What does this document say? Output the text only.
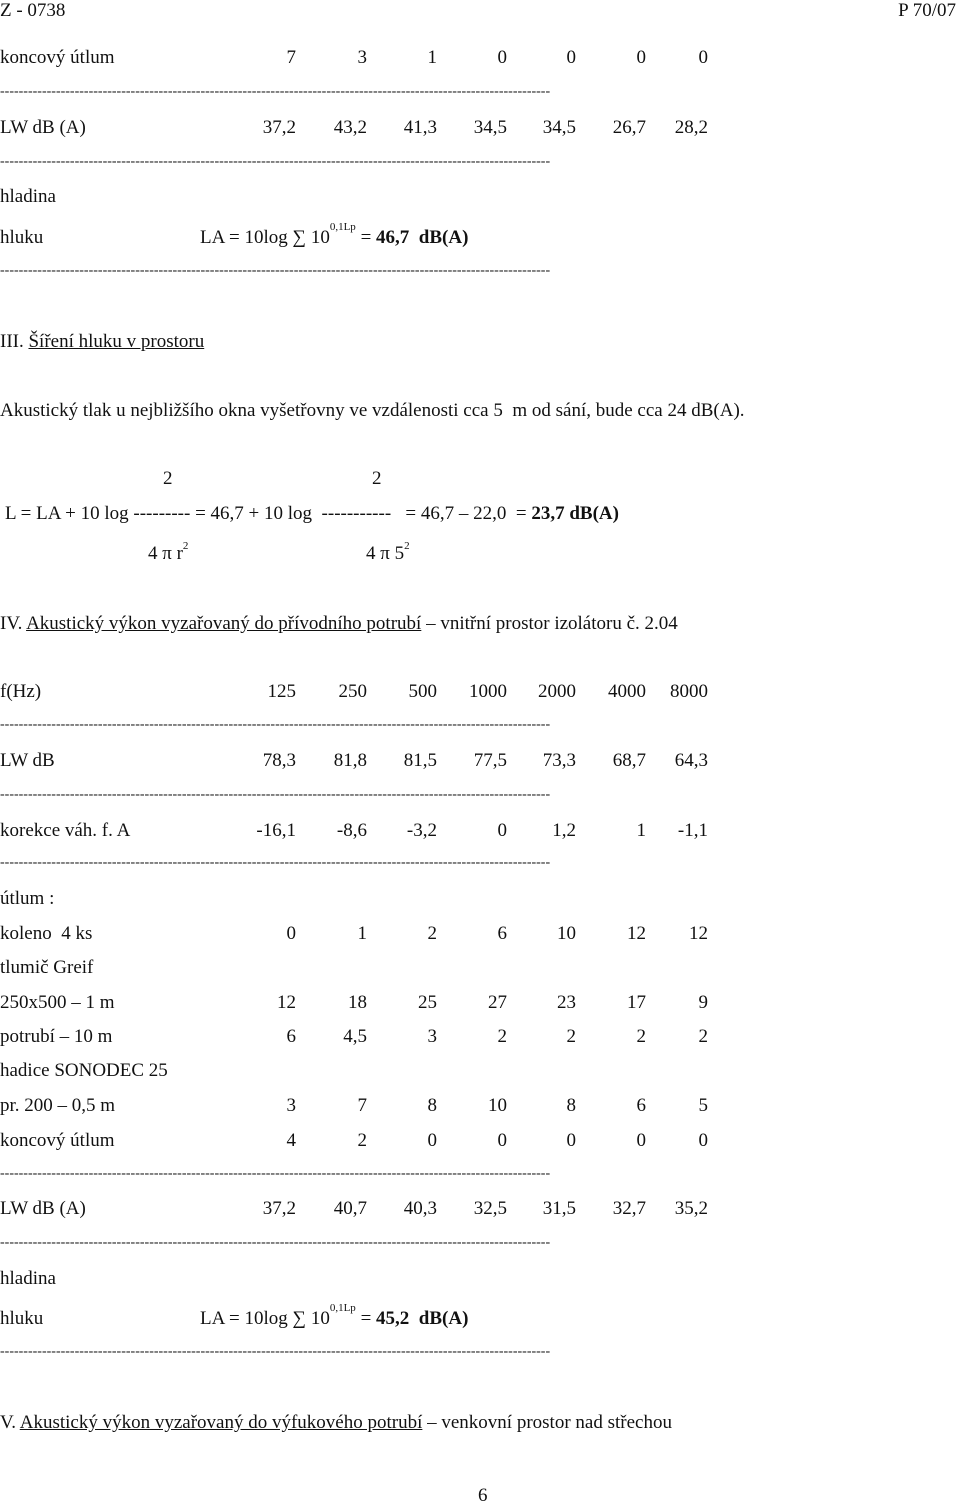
Z - 0738	P 70/07
koncový útlum	7	3	1	0	0	0	0
----------------------------------------------------------------------------------------------------------------------
LW dB (A)	37,2 43,2 41,3 34,5 34,5 26,7 28,2
----------------------------------------------------------------------------------------------------------------------
hladina
hluku	LA = 10log ∑ $10^{0,1Lp} = 46,7$  dB(A)
----------------------------------------------------------------------------------------------------------------------
III. Šíření hluku v prostoru
Akustický tlak u nejbližšího okna vyšetřovny ve vzdálenosti cca 5  m od sání, bude cca 24 dB(A).
2	2
L = LA + 10 log --------- = 46,7 + 10 log ----------- = 46,7 – 22,0  = 23,7 dB(A)
4 π $r^2$	4 π $5^2$
IV. Akustický výkon vyzařovaný do přívodního potrubí – vnitřní prostor izolátoru č. 2.04
f(Hz)	125 250 500 1000 2000 4000 8000
----------------------------------------------------------------------------------------------------------------------
LW dB	78,3 81,8 81,5 77,5 73,3 68,7 64,3
----------------------------------------------------------------------------------------------------------------------
korekce váh. f. A	-16,1 -8,6 -3,2	0 1,2	1 -1,1
----------------------------------------------------------------------------------------------------------------------
útlum :
koleno  4 ks	0	1	2	6	10	12 12
tlumič Greif
250x500 – 1 m	12	18	25	27	23	17	9
potrubí – 10 m	6 4,5	3	2	2	2	2
hadice SONODEC 25
pr. 200 – 0,5 m	3	7	8	10	8	6	5
koncový útlum	4	2	0	0	0	0	0
----------------------------------------------------------------------------------------------------------------------
LW dB (A)	37,2 40,7 40,3 32,5 31,5 32,7 35,2
----------------------------------------------------------------------------------------------------------------------
hladina
hluku	LA = 10log ∑ $10^{0,1Lp} = 45,2$  dB(A)
----------------------------------------------------------------------------------------------------------------------
V. Akustický výkon vyzařovaný do výfukového potrubí – venkovní prostor nad střechou
6
